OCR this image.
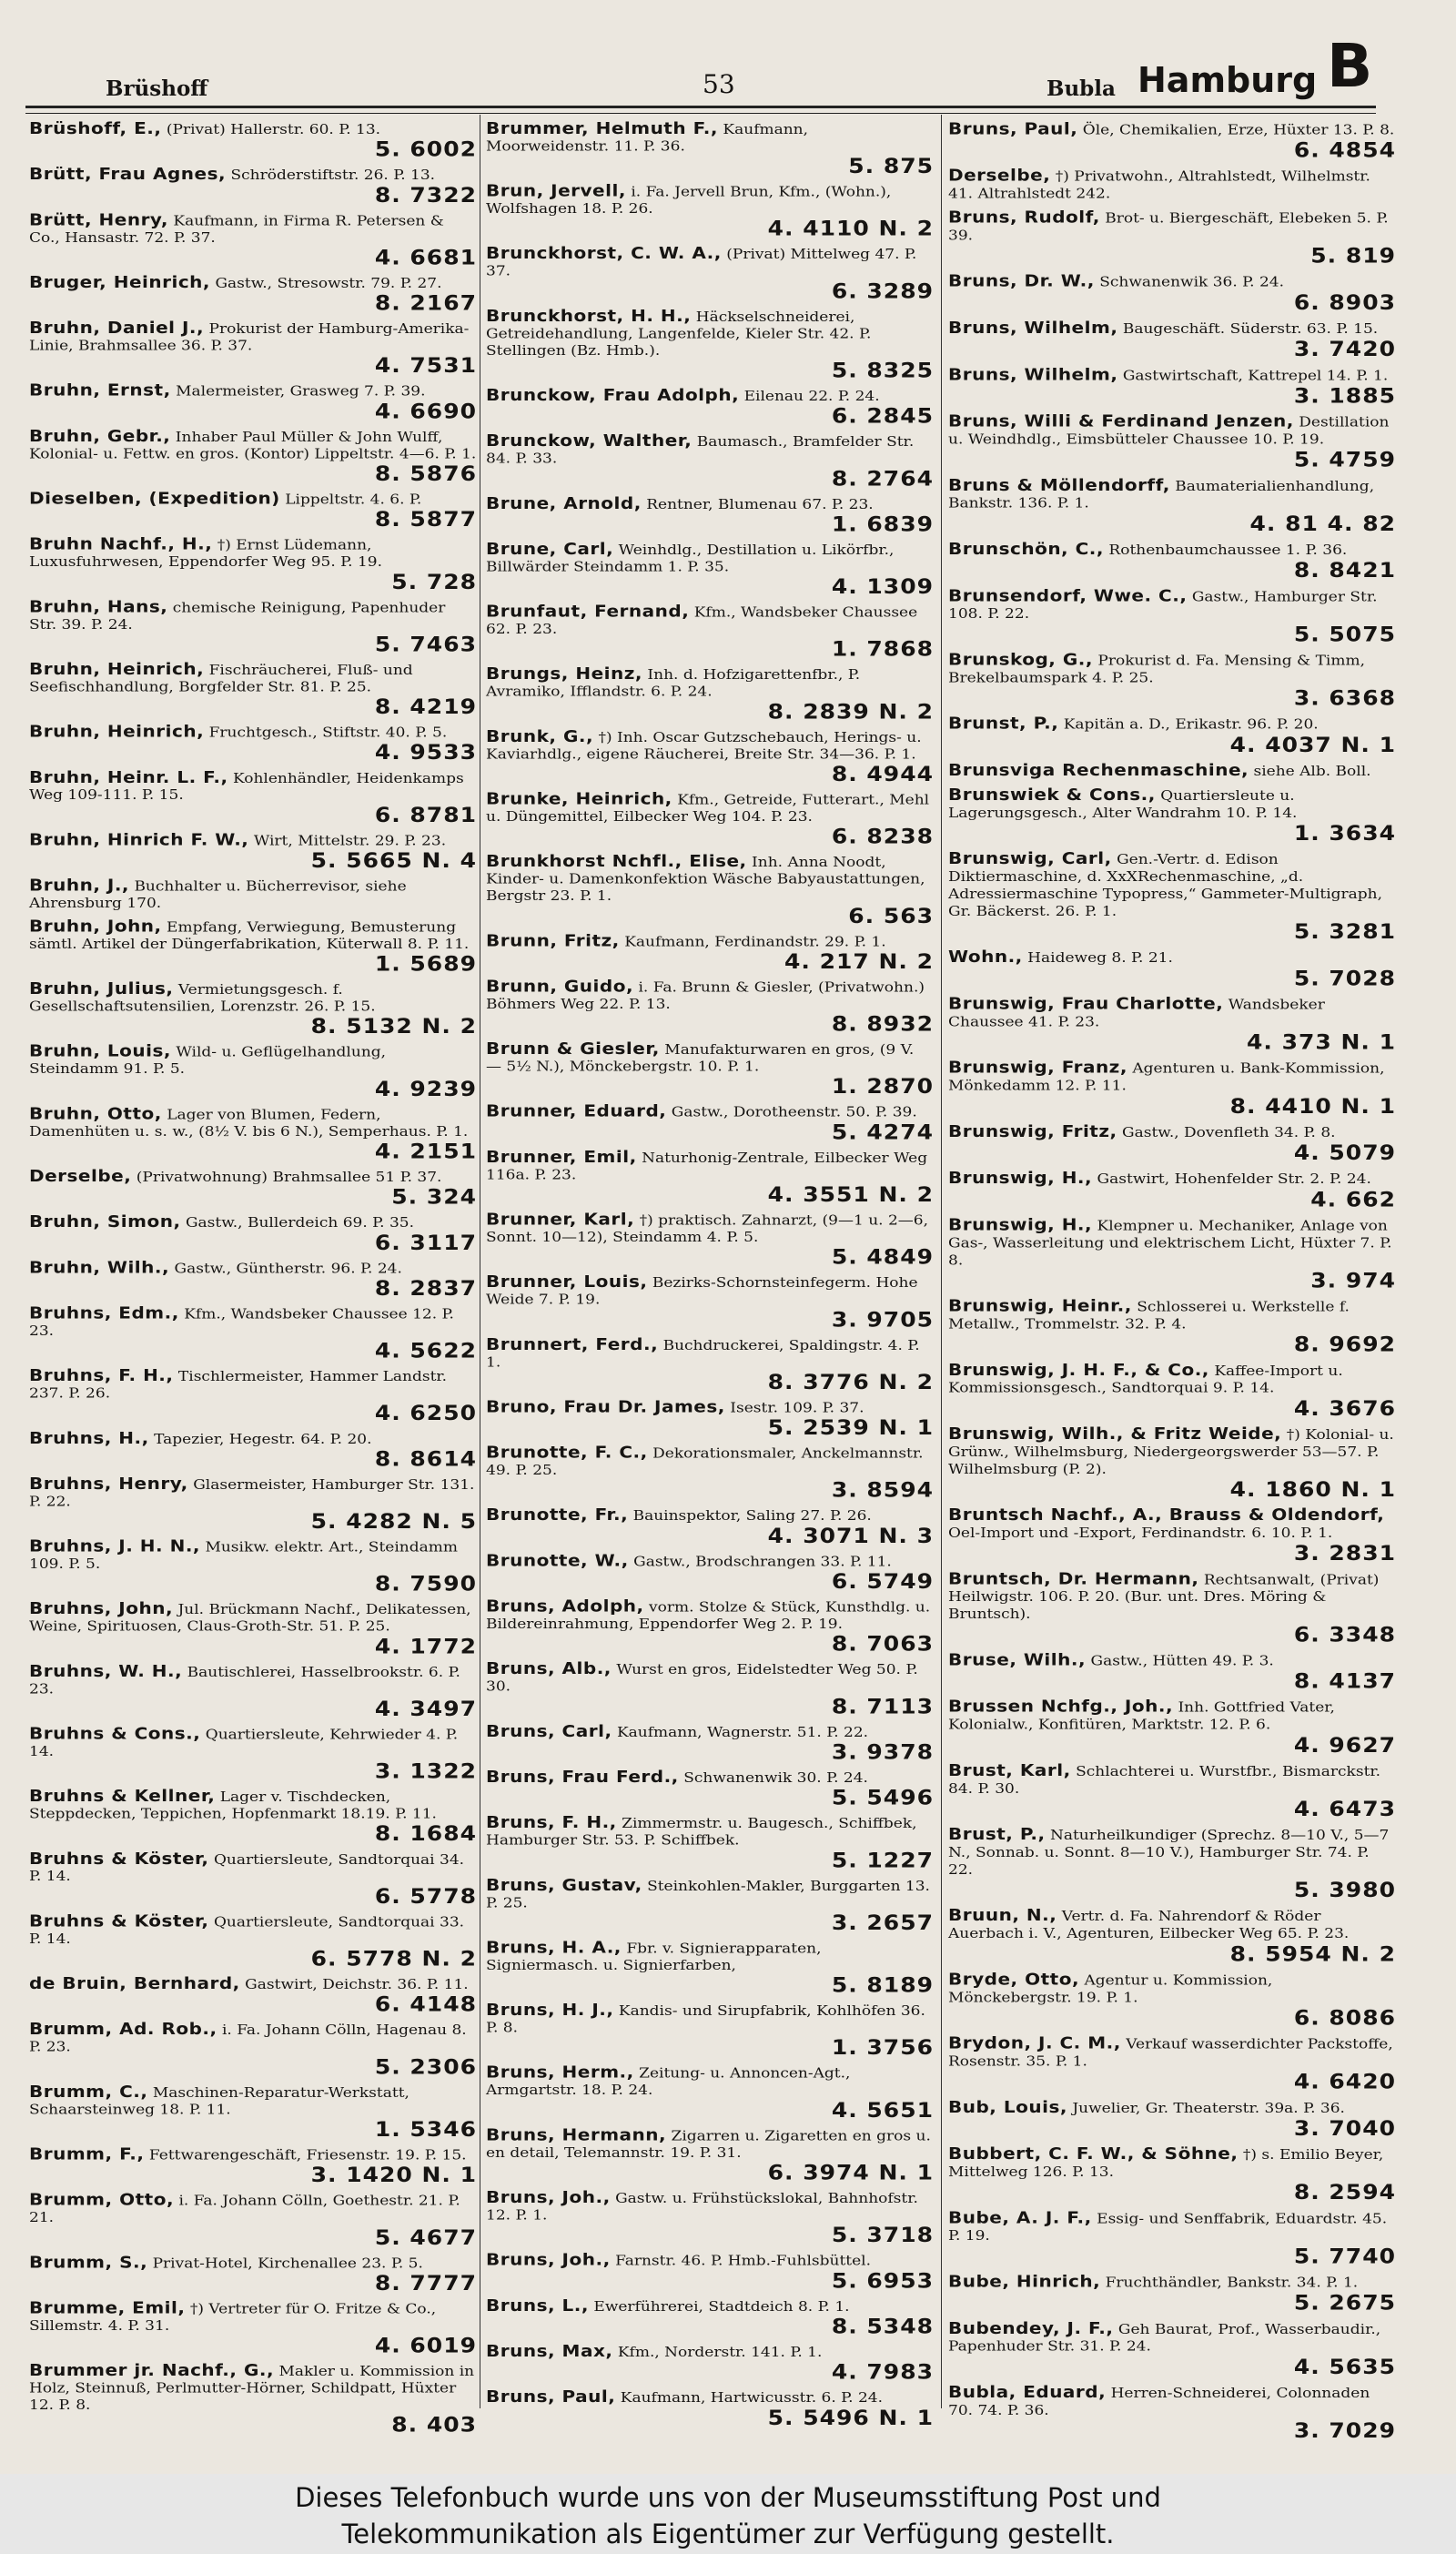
Brüshoff	53	Bubla Hamburg B
Brüshoff, E., (Privat) Hallerstr. 60. P. 13.
5. 6002
Brütt, Frau Agnes, Schröderstiftstr. 26. P. 13.
8. 7322
Brütt, Henry, Kaufmann, in Firma R. Petersen & Co., Hansastr. 72. P. 37.
4. 6681
Bruger, Heinrich, Gastw., Stresowstr. 79. P. 27.
8. 2167
Bruhn, Daniel J., Prokurist der Hamburg-Amerika-Linie, Brahmsallee 36. P. 37.
4. 7531
Bruhn, Ernst, Malermeister, Grasweg 7. P. 39.
4. 6690
Bruhn, Gebr., Inhaber Paul Müller & John Wulff, Kolonial- u. Fettw. en gros. (Kontor) Lippeltstr. 4—6. P. 1.
8. 5876
Dieselben, (Expedition) Lippeltstr. 4. 6. P.
8. 5877
Bruhn Nachf., H., †) Ernst Lüdemann, Luxusfuhrwesen, Eppendorfer Weg 95. P. 19.
5. 728
Bruhn, Hans, chemische Reinigung, Papenhuder Str. 39. P. 24.
5. 7463
Bruhn, Heinrich, Fischräucherei, Fluß- und Seefischhandlung, Borgfelder Str. 81. P. 25.
8. 4219
Bruhn, Heinrich, Fruchtgesch., Stiftstr. 40. P. 5.
4. 9533
Bruhn, Heinr. L. F., Kohlenhändler, Heidenkamps Weg 109-111. P. 15.
6. 8781
Bruhn, Hinrich F. W., Wirt, Mittelstr. 29. P. 23.
5. 5665 N. 4
Bruhn, J., Buchhalter u. Bücherrevisor, siehe Ahrensburg 170.
Bruhn, John, Empfang, Verwiegung, Bemusterung sämtl. Artikel der Düngerfabrikation, Küterwall 8. P. 11.
1. 5689
Bruhn, Julius, Vermietungsgesch. f. Gesellschaftsutensilien, Lorenzstr. 26. P. 15.
8. 5132 N. 2
Bruhn, Louis, Wild- u. Geflügelhandlung, Steindamm 91. P. 5.
4. 9239
Bruhn, Otto, Lager von Blumen, Federn, Damenhüten u. s. w., (8½ V. bis 6 N.), Semperhaus. P. 1.
4. 2151
Derselbe, (Privatwohnung) Brahmsallee 51 P. 37.
5. 324
Bruhn, Simon, Gastw., Bullerdeich 69. P. 35.
6. 3117
Bruhn, Wilh., Gastw., Güntherstr. 96. P. 24.
8. 2837
Bruhns, Edm., Kfm., Wandsbeker Chaussee 12. P. 23.
4. 5622
Bruhns, F. H., Tischlermeister, Hammer Landstr. 237. P. 26.
4. 6250
Bruhns, H., Tapezier, Hegestr. 64. P. 20.
8. 8614
Bruhns, Henry, Glasermeister, Hamburger Str. 131. P. 22.
5. 4282 N. 5
Bruhns, J. H. N., Musikw. elektr. Art., Steindamm 109. P. 5.
8. 7590
Bruhns, John, Jul. Brückmann Nachf., Delikatessen, Weine, Spirituosen, Claus-Groth-Str. 51. P. 25.
4. 1772
Bruhns, W. H., Bautischlerei, Hasselbrookstr. 6. P. 23.
4. 3497
Bruhns & Cons., Quartiersleute, Kehrwieder 4. P. 14.
3. 1322
Bruhns & Kellner, Lager v. Tischdecken, Steppdecken, Teppichen, Hopfenmarkt 18.19. P. 11.
8. 1684
Bruhns & Köster, Quartiersleute, Sandtorquai 34. P. 14.
6. 5778
Bruhns & Köster, Quartiersleute, Sandtorquai 33. P. 14.
6. 5778 N. 2
de Bruin, Bernhard, Gastwirt, Deichstr. 36. P. 11.
6. 4148
Brumm, Ad. Rob., i. Fa. Johann Cölln, Hagenau 8. P. 23.
5. 2306
Brumm, C., Maschinen-Reparatur-Werkstatt, Schaarsteinweg 18. P. 11.
1. 5346
Brumm, F., Fettwarengeschäft, Friesenstr. 19. P. 15.
3. 1420 N. 1
Brumm, Otto, i. Fa. Johann Cölln, Goethestr. 21. P. 21.
5. 4677
Brumm, S., Privat-Hotel, Kirchenallee 23. P. 5.
8. 7777
Brumme, Emil, †) Vertreter für O. Fritze & Co., Sillemstr. 4. P. 31.
4. 6019
Brummer jr. Nachf., G., Makler u. Kommission in Holz, Steinnuß, Perlmutter-Hörner, Schildpatt, Hüxter 12. P. 8.
8. 403
Brummer, Helmuth F., Kaufmann, Moorweidenstr. 11. P. 36.
5. 875
Brun, Jervell, i. Fa. Jervell Brun, Kfm., (Wohn.), Wolfshagen 18. P. 26.
4. 4110 N. 2
Brunckhorst, C. W. A., (Privat) Mittelweg 47. P. 37.
6. 3289
Brunckhorst, H. H., Häckselschneiderei, Getreidehandlung, Langenfelde, Kieler Str. 42. P. Stellingen (Bz. Hmb.).
5. 8325
Brunckow, Frau Adolph, Eilenau 22. P. 24.
6. 2845
Brunckow, Walther, Baumasch., Bramfelder Str. 84. P. 33.
8. 2764
Brune, Arnold, Rentner, Blumenau 67. P. 23.
1. 6839
Brune, Carl, Weinhdlg., Destillation u. Likörfbr., Billwärder Steindamm 1. P. 35.
4. 1309
Brunfaut, Fernand, Kfm., Wandsbeker Chaussee 62. P. 23.
1. 7868
Brungs, Heinz, Inh. d. Hofzigarettenfbr., P. Avramiko, Ifflandstr. 6. P. 24.
8. 2839 N. 2
Brunk, G., †) Inh. Oscar Gutzschebauch, Herings- u. Kaviarhdlg., eigene Räucherei, Breite Str. 34—36. P. 1.
8. 4944
Brunke, Heinrich, Kfm., Getreide, Futterart., Mehl u. Düngemittel, Eilbecker Weg 104. P. 23.
6. 8238
Brunkhorst Nchfl., Elise, Inh. Anna Noodt, Kinder- u. Damenkonfektion Wäsche Babyaustattungen, Bergstr 23. P. 1.
6. 563
Brunn, Fritz, Kaufmann, Ferdinandstr. 29. P. 1.
4. 217 N. 2
Brunn, Guido, i. Fa. Brunn & Giesler, (Privatwohn.) Böhmers Weg 22. P. 13.
8. 8932
Brunn & Giesler, Manufakturwaren en gros, (9 V. — 5½ N.), Mönckebergstr. 10. P. 1.
1. 2870
Brunner, Eduard, Gastw., Dorotheenstr. 50. P. 39.
5. 4274
Brunner, Emil, Naturhonig-Zentrale, Eilbecker Weg 116a. P. 23.
4. 3551 N. 2
Brunner, Karl, †) praktisch. Zahnarzt, (9—1 u. 2—6, Sonnt. 10—12), Steindamm 4. P. 5.
5. 4849
Brunner, Louis, Bezirks-Schornsteinfegerm. Hohe Weide 7. P. 19.
3. 9705
Brunnert, Ferd., Buchdruckerei, Spaldingstr. 4. P. 1.
8. 3776 N. 2
Bruno, Frau Dr. James, Isestr. 109. P. 37.
5. 2539 N. 1
Brunotte, F. C., Dekorationsmaler, Anckelmannstr. 49. P. 25.
3. 8594
Brunotte, Fr., Bauinspektor, Saling 27. P. 26.
4. 3071 N. 3
Brunotte, W., Gastw., Brodschrangen 33. P. 11.
6. 5749
Bruns, Adolph, vorm. Stolze & Stück, Kunsthdlg. u. Bildereinrahmung, Eppendorfer Weg 2. P. 19.
8. 7063
Bruns, Alb., Wurst en gros, Eidelstedter Weg 50. P. 30.
8. 7113
Bruns, Carl, Kaufmann, Wagnerstr. 51. P. 22.
3. 9378
Bruns, Frau Ferd., Schwanenwik 30. P. 24.
5. 5496
Bruns, F. H., Zimmermstr. u. Baugesch., Schiffbek, Hamburger Str. 53. P. Schiffbek.
5. 1227
Bruns, Gustav, Steinkohlen-Makler, Burggarten 13. P. 25.
3. 2657
Bruns, H. A., Fbr. v. Signierapparaten, Signiermasch. u. Signierfarben,
5. 8189
Bruns, H. J., Kandis- und Sirupfabrik, Kohlhöfen 36. P. 8.
1. 3756
Bruns, Herm., Zeitung- u. Annoncen-Agt., Armgartstr. 18. P. 24.
4. 5651
Bruns, Hermann, Zigarren u. Zigaretten en gros u. en detail, Telemannstr. 19. P. 31.
6. 3974 N. 1
Bruns, Joh., Gastw. u. Frühstückslokal, Bahnhofstr. 12. P. 1.
5. 3718
Bruns, Joh., Farnstr. 46. P. Hmb.-Fuhlsbüttel.
5. 6953
Bruns, L., Ewerführerei, Stadtdeich 8. P. 1.
8. 5348
Bruns, Max, Kfm., Norderstr. 141. P. 1.
4. 7983
Bruns, Paul, Kaufmann, Hartwicusstr. 6. P. 24.
5. 5496 N. 1
Bruns, Paul, Öle, Chemikalien, Erze, Hüxter 13. P. 8.
6. 4854
Derselbe, †) Privatwohn., Altrahlstedt, Wilhelmstr. 41. Altrahlstedt 242.
Bruns, Rudolf, Brot- u. Biergeschäft, Elebeken 5. P. 39.
5. 819
Bruns, Dr. W., Schwanenwik 36. P. 24.
6. 8903
Bruns, Wilhelm, Baugeschäft. Süderstr. 63. P. 15.
3. 7420
Bruns, Wilhelm, Gastwirtschaft, Kattrepel 14. P. 1.
3. 1885
Bruns, Willi & Ferdinand Jenzen, Destillation u. Weindhdlg., Eimsbütteler Chaussee 10. P. 19.
5. 4759
Bruns & Möllendorff, Baumaterialienhandlung, Bankstr. 136. P. 1.
4. 81 4. 82
Brunschön, C., Rothenbaumchaussee 1. P. 36.
8. 8421
Brunsendorf, Wwe. C., Gastw., Hamburger Str. 108. P. 22.
5. 5075
Brunskog, G., Prokurist d. Fa. Mensing & Timm, Brekelbaumspark 4. P. 25.
3. 6368
Brunst, P., Kapitän a. D., Erikastr. 96. P. 20.
4. 4037 N. 1
Brunsviga Rechenmaschine, siehe Alb. Boll.
Brunswiek & Cons., Quartiersleute u. Lagerungsgesch., Alter Wandrahm 10. P. 14.
1. 3634
Brunswig, Carl, Gen.-Vertr. d. Edison Diktiermaschine, d. XxXRechenmaschine, „d. Adressiermaschine Typopress,“ Gammeter-Multigraph, Gr. Bäckerst. 26. P. 1.
5. 3281
Wohn., Haideweg 8. P. 21.
5. 7028
Brunswig, Frau Charlotte, Wandsbeker Chaussee 41. P. 23.
4. 373 N. 1
Brunswig, Franz, Agenturen u. Bank-Kommission, Mönkedamm 12. P. 11.
8. 4410 N. 1
Brunswig, Fritz, Gastw., Dovenfleth 34. P. 8.
4. 5079
Brunswig, H., Gastwirt, Hohenfelder Str. 2. P. 24.
4. 662
Brunswig, H., Klempner u. Mechaniker, Anlage von Gas-, Wasserleitung und elektrischem Licht, Hüxter 7. P. 8.
3. 974
Brunswig, Heinr., Schlosserei u. Werkstelle f. Metallw., Trommelstr. 32. P. 4.
8. 9692
Brunswig, J. H. F., & Co., Kaffee-Import u. Kommissionsgesch., Sandtorquai 9. P. 14.
4. 3676
Brunswig, Wilh., & Fritz Weide, †) Kolonial- u. Grünw., Wilhelmsburg, Niedergeorgswerder 53—57. P. Wilhelmsburg (P. 2).
4. 1860 N. 1
Bruntsch Nachf., A., Brauss & Oldendorf, Oel-Import und -Export, Ferdinandstr. 6. 10. P. 1.
3. 2831
Bruntsch, Dr. Hermann, Rechtsanwalt, (Privat) Heilwigstr. 106. P. 20. (Bur. unt. Dres. Möring & Bruntsch).
6. 3348
Bruse, Wilh., Gastw., Hütten 49. P. 3.
8. 4137
Brussen Nchfg., Joh., Inh. Gottfried Vater, Kolonialw., Konfitüren, Marktstr. 12. P. 6.
4. 9627
Brust, Karl, Schlachterei u. Wurstfbr., Bismarckstr. 84. P. 30.
4. 6473
Brust, P., Naturheilkundiger (Sprechz. 8—10 V., 5—7 N., Sonnab. u. Sonnt. 8—10 V.), Hamburger Str. 74. P. 22.
5. 3980
Bruun, N., Vertr. d. Fa. Nahrendorf & Röder Auerbach i. V., Agenturen, Eilbecker Weg 65. P. 23.
8. 5954 N. 2
Bryde, Otto, Agentur u. Kommission, Mönckebergstr. 19. P. 1.
6. 8086
Brydon, J. C. M., Verkauf wasserdichter Packstoffe, Rosenstr. 35. P. 1.
4. 6420
Bub, Louis, Juwelier, Gr. Theaterstr. 39a. P. 36.
3. 7040
Bubbert, C. F. W., & Söhne, †) s. Emilio Beyer, Mittelweg 126. P. 13.
8. 2594
Bube, A. J. F., Essig- und Senffabrik, Eduardstr. 45. P. 19.
5. 7740
Bube, Hinrich, Fruchthändler, Bankstr. 34. P. 1.
5. 2675
Bubendey, J. F., Geh Baurat, Prof., Wasserbaudir., Papenhuder Str. 31. P. 24.
4. 5635
Bubla, Eduard, Herren-Schneiderei, Colonnaden 70. 74. P. 36.
3. 7029
Dieses Telefonbuch wurde uns von der Museumsstiftung Post und
Telekommunikation als Eigentümer zur Verfügung gestellt.
